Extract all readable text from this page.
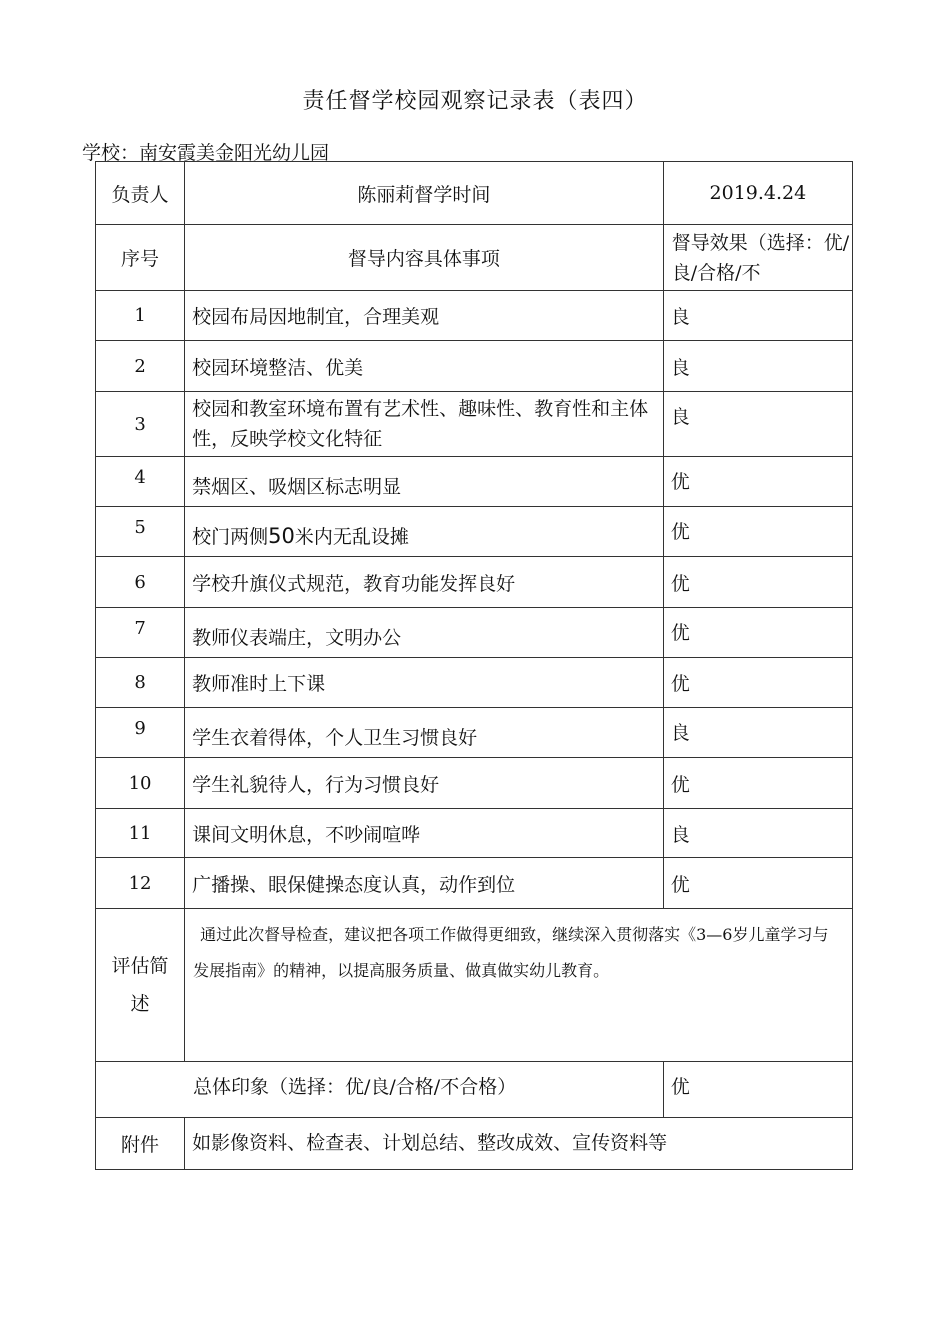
责任督学校园观察记录表（表四）
学校：南安霞美金阳光幼儿园
负责人	陈丽莉督学时间	2019.4.24
序号	督导内容具体事项	督导效果（选择：优/良/合格/不
1	校园布局因地制宜，合理美观	良
2	校园环境整洁、优美	良
3	校园和教室环境布置有艺术性、趣味性、教育性和主体性，反映学校文化特征	良
4	禁烟区、吸烟区标志明显	优
5	校门两侧50米内无乱设摊	优
6	学校升旗仪式规范，教育功能发挥良好	优
7	教师仪表端庄，文明办公	优
8	教师准时上下课	优
9	学生衣着得体，个人卫生习惯良好	良
10	学生礼貌待人，行为习惯良好	优
11	课间文明休息，不吵闹喧哗	良
12	广播操、眼保健操态度认真，动作到位	优
评估简述	通过此次督导检查，建议把各项工作做得更细致，继续深入贯彻落实《3—6岁儿童学习与发展指南》的精神，以提高服务质量、做真做实幼儿教育。	
总体印象（选择：优/良/合格/不合格）		优
附件	如影像资料、检查表、计划总结、整改成效、宣传资料等	
